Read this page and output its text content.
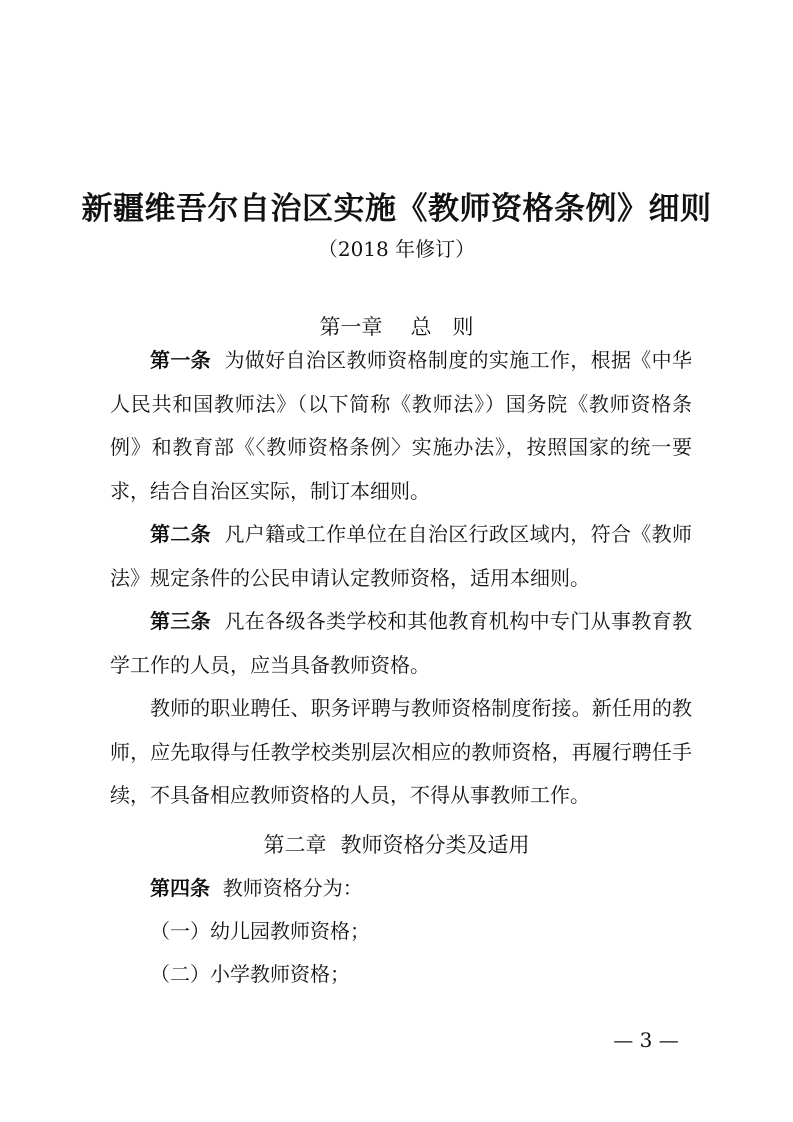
新疆维吾尔自治区实施《教师资格条例》细则
（2018 年修订）
第一章 总　则

第一条 为做好自治区教师资格制度的实施工作，根据《中华人民共和国教师法》（以下简称《教师法》）国务院《教师资格条例》和教育部《〈教师资格条例〉实施办法》，按照国家的统一要求，结合自治区实际，制订本细则。

第二条 凡户籍或工作单位在自治区行政区域内，符合《教师法》规定条件的公民申请认定教师资格，适用本细则。

第三条 凡在各级各类学校和其他教育机构中专门从事教育教学工作的人员，应当具备教师资格。

教师的职业聘任、职务评聘与教师资格制度衔接。新任用的教师，应先取得与任教学校类别层次相应的教师资格，再履行聘任手续，不具备相应教师资格的人员，不得从事教师工作。

第二章 教师资格分类及适用

第四条 教师资格分为：

（一）幼儿园教师资格；

（二）小学教师资格；

— 3 —
